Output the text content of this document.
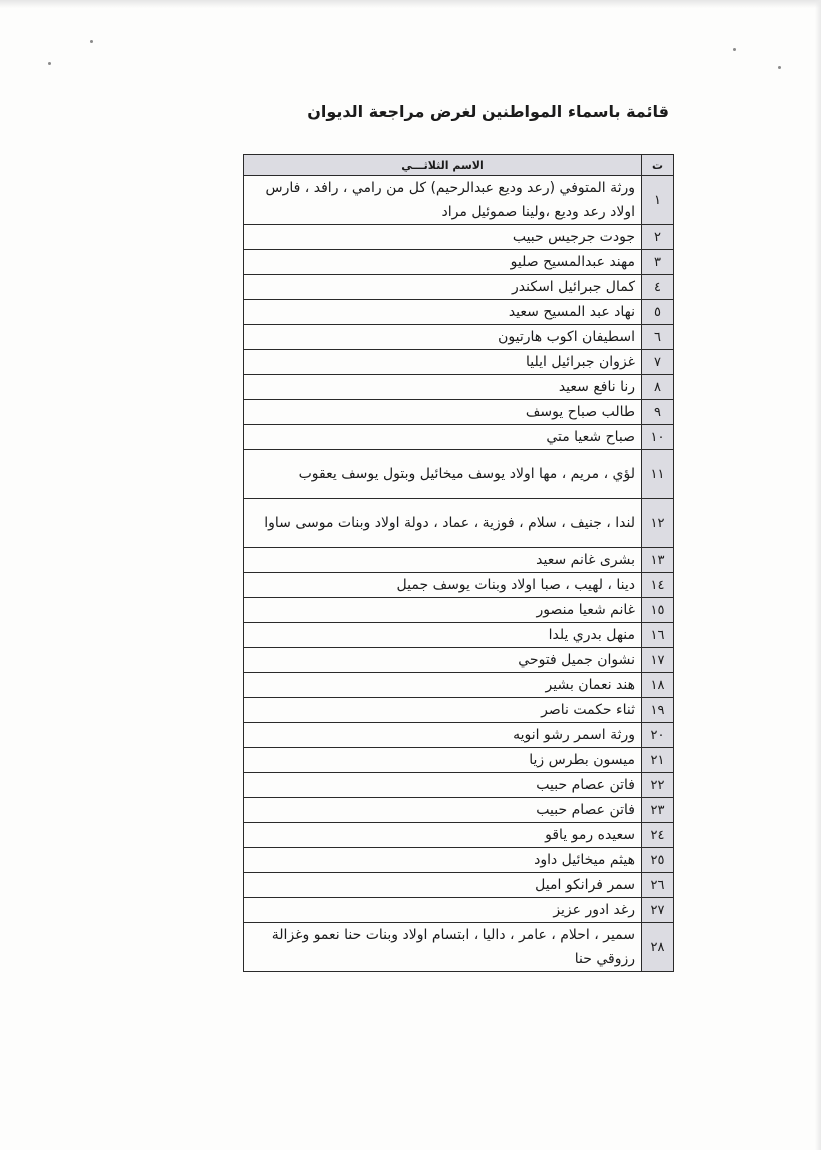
قائمة باسماء المواطنين لغرض مراجعة الديوان
ت	الاسم الثلاثـــي
١	ورثة المتوفي (رعد وديع عبدالرحيم) كل من رامي ، رافد ، فارس اولاد رعد وديع ،ولينا صموئيل مراد
٢	جودت جرجيس حبيب
٣	مهند عبدالمسيح صليو
٤	كمال جبرائيل اسكندر
٥	نهاد عبد المسيح سعيد
٦	اسطيفان اكوب هارتيون
٧	غزوان جبرائيل ايليا
٨	رنا نافع سعيد
٩	طالب صباح يوسف
١٠	صباح شعيا متي
١١	لؤي ، مريم ، مها اولاد يوسف ميخائيل وبتول يوسف يعقوب
١٢	لندا ، جنيف ، سلام ، فوزية ، عماد ، دولة اولاد وبنات موسى ساوا
١٣	بشرى غانم سعيد
١٤	دينا ، لهيب ، صبا اولاد وبنات يوسف جميل
١٥	غانم شعيا منصور
١٦	منهل بدري يلدا
١٧	نشوان جميل فتوحي
١٨	هند نعمان بشير
١٩	ثناء حكمت ناصر
٢٠	ورثة اسمر رشو انويه
٢١	ميسون بطرس زيا
٢٢	فاتن عصام حبيب
٢٣	فاتن عصام حبيب
٢٤	سعيده رمو ياقو
٢٥	هيثم ميخائيل داود
٢٦	سمر فرانكو اميل
٢٧	رغد ادور عزيز
٢٨	سمير ، احلام ، عامر ، داليا ، ابتسام اولاد وبنات حنا نعمو وغزالة رزوقي حنا
